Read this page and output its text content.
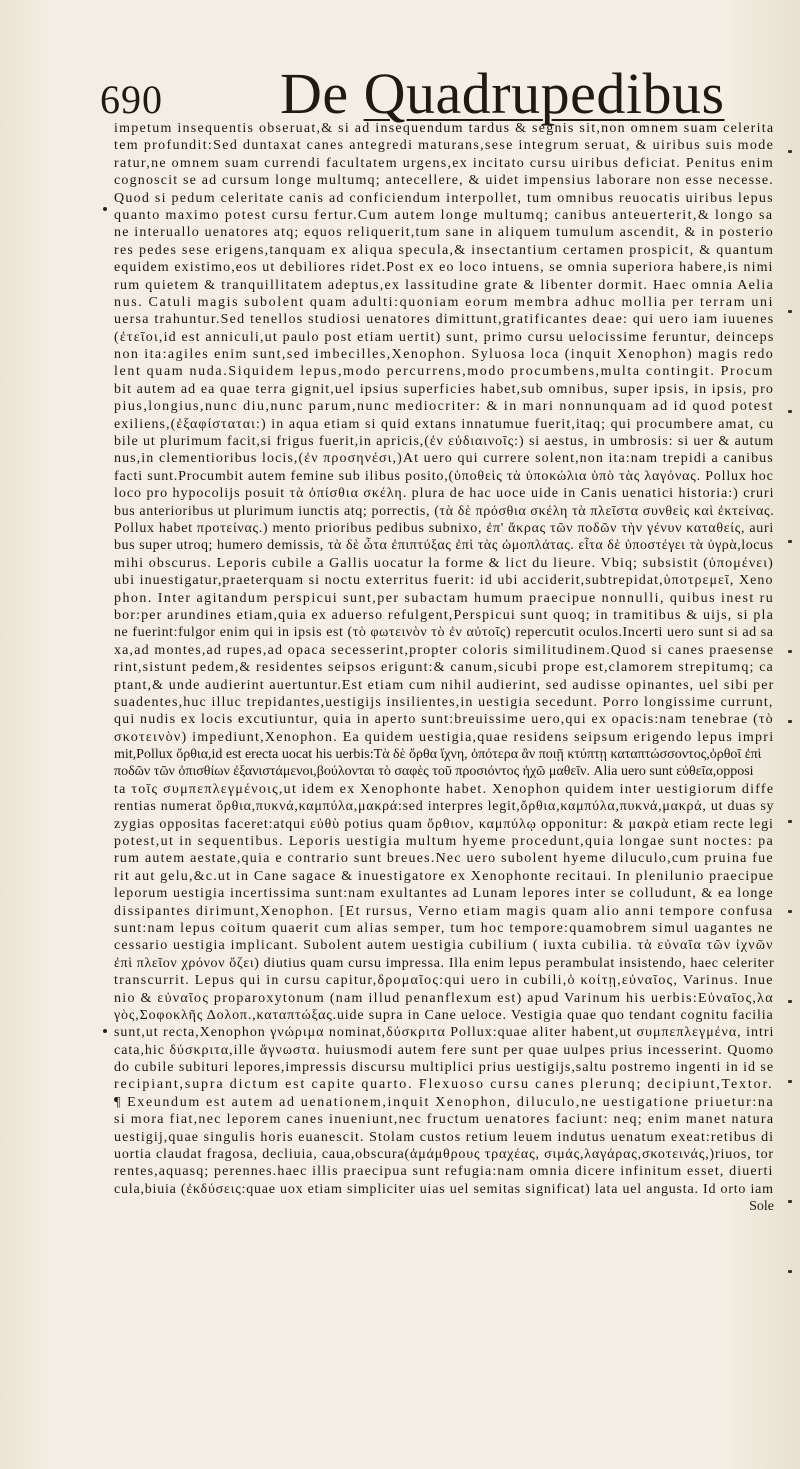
690 De Quadrupedibus
impetum insequentis obseruat,& si ad insequendum tardus & segnis sit,non omnem suam celerita
tem profundit:Sed duntaxat canes antegredi maturans,sese integrum seruat, & uiribus suis mode
ratur,ne omnem suam currendi facultatem urgens,ex incitato cursu uiribus deficiat. Penitus enim
cognoscit se ad cursum longe multumq; antecellere, & uidet impensius laborare non esse necesse.
Quod si pedum celeritate canis ad conficiendum interpollet, tum omnibus reuocatis uiribus lepus
quanto maximo potest cursu fertur.Cum autem longe multumq; canibus anteuerterit,& longo sa
ne interuallo uenatores atq; equos reliquerit,tum sane in aliquem tumulum ascendit, & in posterio
res pedes sese erigens,tanquam ex aliqua specula,& insectantium certamen prospicit, & quantum
equidem existimo,eos ut debiliores ridet.Post ex eo loco intuens, se omnia superiora habere,is nimi
rum quietem & tranquillitatem adeptus,ex lassitudine grate & libenter dormit. Haec omnia Aelia
nus. Catuli magis subolent quam adulti:quoniam eorum membra adhuc mollia per terram uni
uersa trahuntur.Sed tenellos studiosi uenatores dimittunt,gratificantes deae: qui uero iam iuuenes
(ἐτεῖοι,id est anniculi,ut paulo post etiam uertit) sunt, primo cursu uelocissime feruntur, deinceps
non ita:agiles enim sunt,sed imbecilles,Xenophon. Syluosa loca (inquit Xenophon) magis redo
lent quam nuda.Siquidem lepus,modo percurrens,modo procumbens,multa contingit. Procum
bit autem ad ea quae terra gignit,uel ipsius superficies habet,sub omnibus, super ipsis, in ipsis, pro
pius,longius,nunc diu,nunc parum,nunc mediocriter: & in mari nonnunquam ad id quod potest
exiliens,(ἐξαφίσταται:) in aqua etiam si quid extans innatumue fuerit,itaq; qui procumbere amat, cu
bile ut plurimum facit,si frigus fuerit,in apricis,(ἐν εὐδιαινοῖς:) si aestus, in umbrosis: si uer & autum
nus,in clementioribus locis,(ἐν προσηνέσι,)At uero qui currere solent,non ita:nam trepidi a canibus
facti sunt.Procumbit autem femine sub ilibus posito,(ὑποθεὶς τὰ ὑποκώλια ὑπὸ τὰς λαγόνας. Pollux hoc
loco pro hypocolijs posuit τὰ ὀπίσθια σκέλη. plura de hac uoce uide in Canis uenatici historia:) cruri
bus anterioribus ut plurimum iunctis atq; porrectis, (τὰ δὲ πρόσθια σκέλη τὰ πλεῖστα συνθεὶς καὶ ἐκτείνας.
Pollux habet προτείνας.) mento prioribus pedibus subnixo, ἐπ' ἄκρας τῶν ποδῶν τὴν γένυν καταθείς, auri
bus super utroq; humero demissis, τὰ δὲ ὦτα ἐπιπτύξας ἐπὶ τὰς ὠμοπλάτας. εἶτα δὲ ὑποστέγει τὰ ὑγρὰ,locus
mihi obscurus. Leporis cubile a Gallis uocatur la forme & lict du lieure. Vbiq; subsistit (ὑπομένει)
ubi inuestigatur,praeterquam si noctu exterritus fuerit: id ubi acciderit,subtrepidat,ὑποτρεμεῖ, Xeno
phon. Inter agitandum perspicui sunt,per subactam humum praecipue nonnulli, quibus inest ru
bor:per arundines etiam,quia ex aduerso refulgent,Perspicui sunt quoq; in tramitibus & uijs, si pla
ne fuerint:fulgor enim qui in ipsis est (τὸ φωτεινὸν τὸ ἐν αὐτοῖς) repercutit oculos.Incerti uero sunt si ad sa
xa,ad montes,ad rupes,ad opaca secesserint,propter coloris similitudinem.Quod si canes praesense
rint,sistunt pedem,& residentes seipsos erigunt:& canum,sicubi prope est,clamorem strepitumq; ca
ptant,& unde audierint auertuntur.Est etiam cum nihil audierint, sed audisse opinantes, uel sibi per
suadentes,huc illuc trepidantes,uestigijs insilientes,in uestigia secedunt. Porro longissime currunt,
qui nudis ex locis excutiuntur, quia in aperto sunt:breuissime uero,qui ex opacis:nam tenebrae (τὸ
σκοτεινὸν) impediunt,Xenophon. Ea quidem uestigia,quae residens seipsum erigendo lepus impri
mit,Pollux ὄρθια,id est erecta uocat his uerbis:Τὰ δὲ ὄρθα ἴχνη, ὁπότερα ἂν ποιῇ κτύπτῃ καταπτώσσοντος,ὀρθοῖ ἐπὶ
ποδῶν τῶν ὀπισθίων ἐξανιστάμενοι,βούλονται τὸ σαφὲς τοῦ προσιόντος ἠχῶ μαθεῖν. Alia uero sunt εὐθεῖα,opposi
ta τοῖς συμπεπλεγμένοις,ut idem ex Xenophonte habet. Xenophon quidem inter uestigiorum diffe
rentias numerat ὄρθια,πυκνά,καμπύλα,μακρά:sed interpres legit,ὄρθια,καμπύλα,πυκνά,μακρά, ut duas sy
zygias oppositas faceret:atqui εὐθὺ potius quam ὄρθιον, καμπύλῳ opponitur: & μακρὰ etiam recte legi
potest,ut in sequentibus. Leporis uestigia multum hyeme procedunt,quia longae sunt noctes: pa
rum autem aestate,quia e contrario sunt breues.Nec uero subolent hyeme diluculo,cum pruina fue
rit aut gelu,&c.ut in Cane sagace & inuestigatore ex Xenophonte recitaui. In plenilunio praecipue
leporum uestigia incertissima sunt:nam exultantes ad Lunam lepores inter se colludunt, & ea longe
dissipantes dirimunt,Xenophon. [Et rursus, Verno etiam magis quam alio anni tempore confusa
sunt:nam lepus coitum quaerit cum alias semper, tum hoc tempore:quamobrem simul uagantes ne
cessario uestigia implicant. Subolent autem uestigia cubilium ( iuxta cubilia. τὰ εὐναῖα τῶν ἰχνῶν
ἐπὶ πλεῖον χρόνον ὄζει) diutius quam cursu impressa. Illa enim lepus perambulat insistendo, haec celeriter
transcurrit. Lepus qui in cursu capitur,δρομαῖος:qui uero in cubili,ὁ κοίτῃ,εὐναῖος, Varinus. Inue
nio & εὐναῖος proparoxytonum (nam illud penanflexum est) apud Varinum his uerbis:Εὐναῖος,λα
γὸς,Σοφοκλῆς Δολοπ.,καταπτώξας.uide supra in Cane ueloce. Vestigia quae quo tendant cognitu facilia
sunt,ut recta,Xenophon γνώριμα nominat,δύσκριτα Pollux:quae aliter habent,ut συμπεπλεγμένα, intri
cata,hic δύσκριτα,ille ἄγνωστα. huiusmodi autem fere sunt per quae uulpes prius incesserint. Quomo
do cubile subituri lepores,impressis discursu multiplici prius uestigijs,saltu postremo ingenti in id se
recipiant,supra dictum est capite quarto. Flexuoso cursu canes plerunq; decipiunt,Textor.
¶ Exeundum est autem ad uenationem,inquit Xenophon, diluculo,ne uestigatione priuetur:na
si mora fiat,nec leporem canes inueniunt,nec fructum uenatores faciunt: neq; enim manet natura
uestigij,quae singulis horis euanescit. Stolam custos retium leuem indutus uenatum exeat:retibus di
uortia claudat fragosa, decliuia, caua,obscura(ἀμάμθρους τραχέας, σιμάς,λαγάρας,σκοτεινάς,)riuos, tor
rentes,aquasq; perennes.haec illis praecipua sunt refugia:nam omnia dicere infinitum esset, diuerti
cula,biuia (ἐκδύσεις:quae uox etiam simpliciter uias uel semitas significat) lata uel angusta. Id orto iam
Sole
